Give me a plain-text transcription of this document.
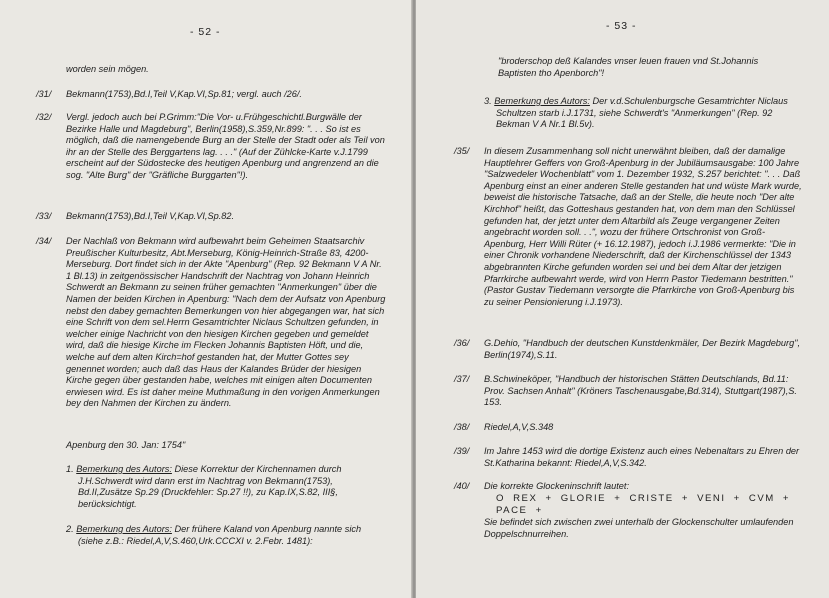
- 52 -
worden sein mögen.
/31/ Bekmann(1753),Bd.I,Teil V,Kap.VI,Sp.81; vergl. auch /26/.
/32/ Vergl. jedoch auch bei P.Grimm:"Die Vor- u.Frühgeschichtl.Burgwälle der Bezirke Halle und Magdeburg", Berlin(1958),S.359,Nr.899: ". . . So ist es möglich, daß die namengebende Burg an der Stelle der Stadt oder als Teil von ihr an der Stelle des Berggartens lag. . . ." (Auf der Zühlcke-Karte v.J.1799 erscheint auf der Südostecke des heutigen Apenburg und angrenzend an die sog. "Alte Burg" der "Gräfliche Burggarten"!).
/33/ Bekmann(1753),Bd.I,Teil V,Kap.VI,Sp.82.
/34/ Der Nachlaß von Bekmann wird aufbewahrt beim Geheimen Staatsarchiv Preußischer Kulturbesitz, Abt.Merseburg, König-Heinrich-Straße 83, 4200-Merseburg. Dort findet sich in der Akte "Apenburg" (Rep. 92 Bekmann V A Nr. 1 Bl.13) in zeitgenössischer Handschrift der Nachtrag von Johann Heinrich Schwerdt an Bekmann zu seinen früher gemachten "Anmerkungen" über die Namen der beiden Kirchen in Apenburg: "Nach dem der Aufsatz von Apenburg nebst den dabey gemachten Bemerkungen von hier abgegangen war, hat sich eine Schrift von dem sel.Herrn Gesamtrichter Niclaus Schultzen gefunden, in welcher einige Nachricht von den hiesigen Kirchen gegeben und gemeldet wird, daß die hiesige Kirche im Flecken Johannis Baptisten Höft, und die, welche auf dem alten Kirch=hof gestanden hat, der Mutter Gottes sey genennet worden; auch daß das Haus der Kalandes Brüder der hiesigen Kirche gegen über gestanden habe, welches mit einigen alten Documenten erwiesen wird. Es ist daher meine Muthmaßung in den vorigen Anmerkungen bey den Nahmen der Kirchen zu ändern.
Apenburg den 30. Jan: 1754"
1. Bemerkung des Autors: Diese Korrektur der Kirchennamen durch J.H.Schwerdt wird dann erst im Nachtrag von Bekmann(1753), Bd.II,Zusätze Sp.29 (Druckfehler: Sp.27 !!), zu Kap.IX,S.82, III§, berücksichtigt.
2. Bemerkung des Autors: Der frühere Kaland von Apenburg nannte sich (siehe z.B.: Riedel,A,V,S.460,Urk.CCCXI v. 2.Febr. 1481):
- 53 -
"broderschop deß Kalandes vnser leuen frauen vnd St.Johannis Baptisten tho Apenborch"!
3. Bemerkung des Autors: Der v.d.Schulenburgsche Gesamtrichter Niclaus Schultzen starb i.J.1731, siehe Schwerdt's "Anmerkungen" (Rep. 92 Bekman V A Nr.1 Bl.5v).
/35/ In diesem Zusammenhang soll nicht unerwähnt bleiben, daß der damalige Hauptlehrer Geffers von Groß-Apenburg in der Jubiläumsausgabe: 100 Jahre "Salzwedeler Wochenblatt" vom 1. Dezember 1932, S.257 berichtet: ". . . Daß Apenburg einst an einer anderen Stelle gestanden hat und wüste Mark wurde, beweist die historische Tatsache, daß an der Stelle, die heute noch "Der alte Kirchhof" heißt, das Gotteshaus gestanden hat, von dem man den Schlüssel gefunden hat, der jetzt unter dem Altarbild als Zeuge vergangener Zeiten angebracht worden soll. . .", wozu der frühere Ortschronist von Groß-Apenburg, Herr Willi Rüter (+ 16.12.1987), jedoch i.J.1986 vermerkte: "Die in einer Chronik vorhandene Niederschrift, daß der Kirchenschlüssel der 1343 abgebrannten Kirche gefunden worden sei und bei dem Altar der jetzigen Pfarrkirche aufbewahrt werde, wird von Herrn Pastor Tiedemann bestritten." (Pastor Gustav Tiedemann versorgte die Pfarrkirche von Groß-Apenburg bis zu seiner Pensionierung i.J.1973).
/36/ G.Dehio, "Handbuch der deutschen Kunstdenkmäler, Der Bezirk Magdeburg", Berlin(1974),S.11.
/37/ B.Schwineköper, "Handbuch der historischen Stätten Deutschlands, Bd.11: Prov. Sachsen Anhalt" (Kröners Taschenausgabe,Bd.314), Stuttgart(1987),S. 153.
/38/ Riedel,A,V,S.348
/39/ Im Jahre 1453 wird die dortige Existenz auch eines Nebenaltars zu Ehren der St.Katharina bekannt: Riedel,A,V,S.342.
/40/ Die korrekte Glockeninschrift lautet:
O REX + GLORIE + CRISTE + VENI + CVM + PACE +
Sie befindet sich zwischen zwei unterhalb der Glockenschulter umlaufenden Doppelschnurreihen.
